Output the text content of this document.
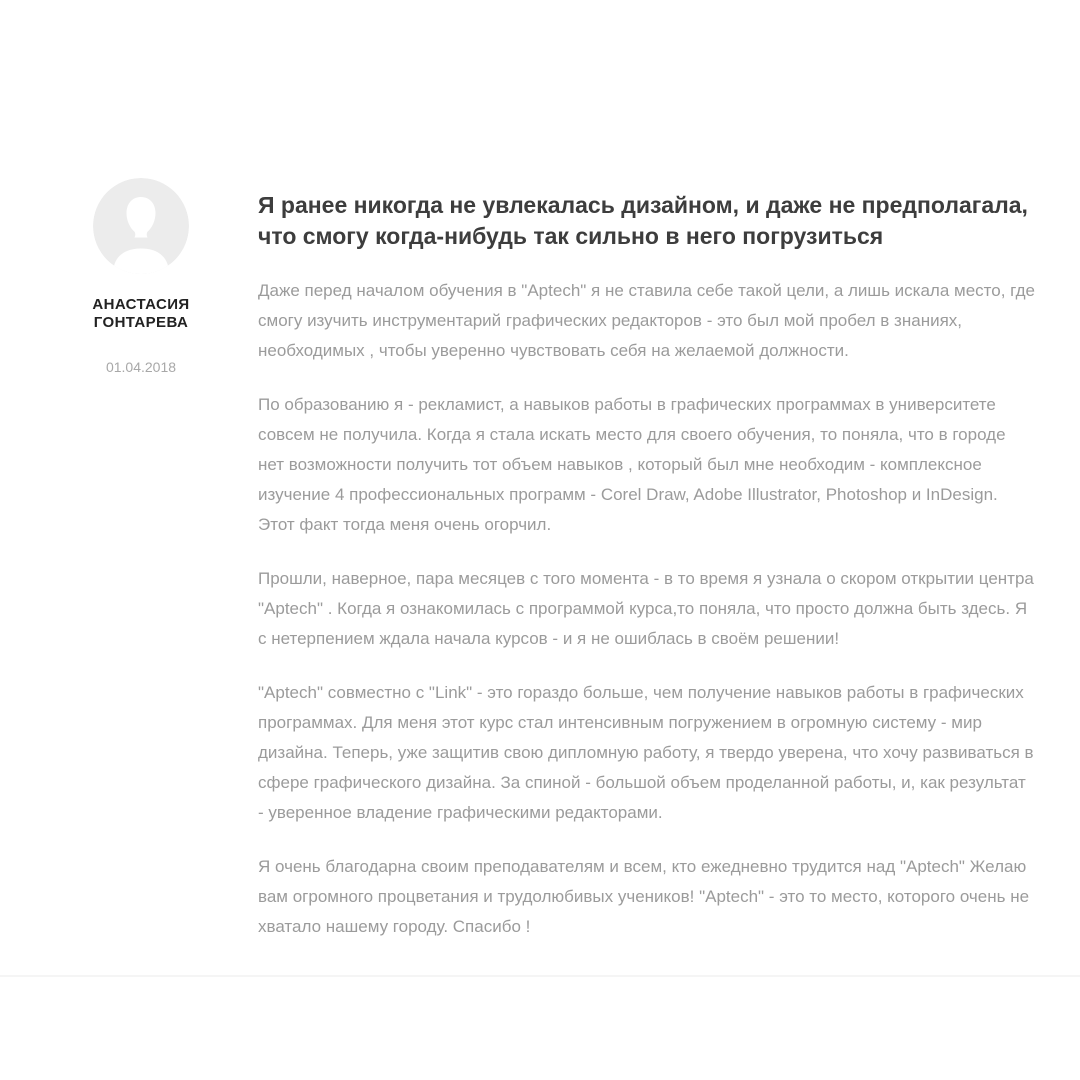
АНАСТАСИЯ ГОНТАРЕВА
01.04.2018
Я ранее никогда не увлекалась дизайном, и даже не предполагала, что смогу когда-нибудь так сильно в него погрузиться

Даже перед началом обучения в "Aptech" я не ставила себе такой цели, а лишь искала место, где смогу изучить инструментарий графических редакторов - это был мой пробел в знаниях, необходимых , чтобы уверенно чувствовать себя на желаемой должности.

По образованию я - рекламист, а навыков работы в графических программах в университете совсем не получила. Когда я стала искать место для своего обучения, то поняла, что в городе нет возможности получить тот объем навыков , который был мне необходим - комплексное изучение 4 профессиональных программ - Corel Draw, Adobe Illustrator, Photoshop и InDesign. Этот факт тогда меня очень огорчил.

Прошли, наверное, пара месяцев с того момента - в то время я узнала о скором открытии центра "Aptech" . Когда я ознакомилась с программой курса,то поняла, что просто должна быть здесь. Я с нетерпением ждала начала курсов - и я не ошиблась в своём решении!

"Aptech" совместно с "Link" - это гораздо больше, чем получение навыков работы в графических программах. Для меня этот курс стал интенсивным погружением в огромную систему - мир дизайна. Теперь, уже защитив свою дипломную работу, я твердо уверена, что хочу развиваться в сфере графического дизайна. За спиной - большой объем проделанной работы, и, как результат - уверенное владение графическими редакторами.

Я очень благодарна своим преподавателям и всем, кто ежедневно трудится над "Aptech" Желаю вам огромного процветания и трудолюбивых учеников! "Aptech" - это то место, которого очень не хватало нашему городу. Спасибо !
